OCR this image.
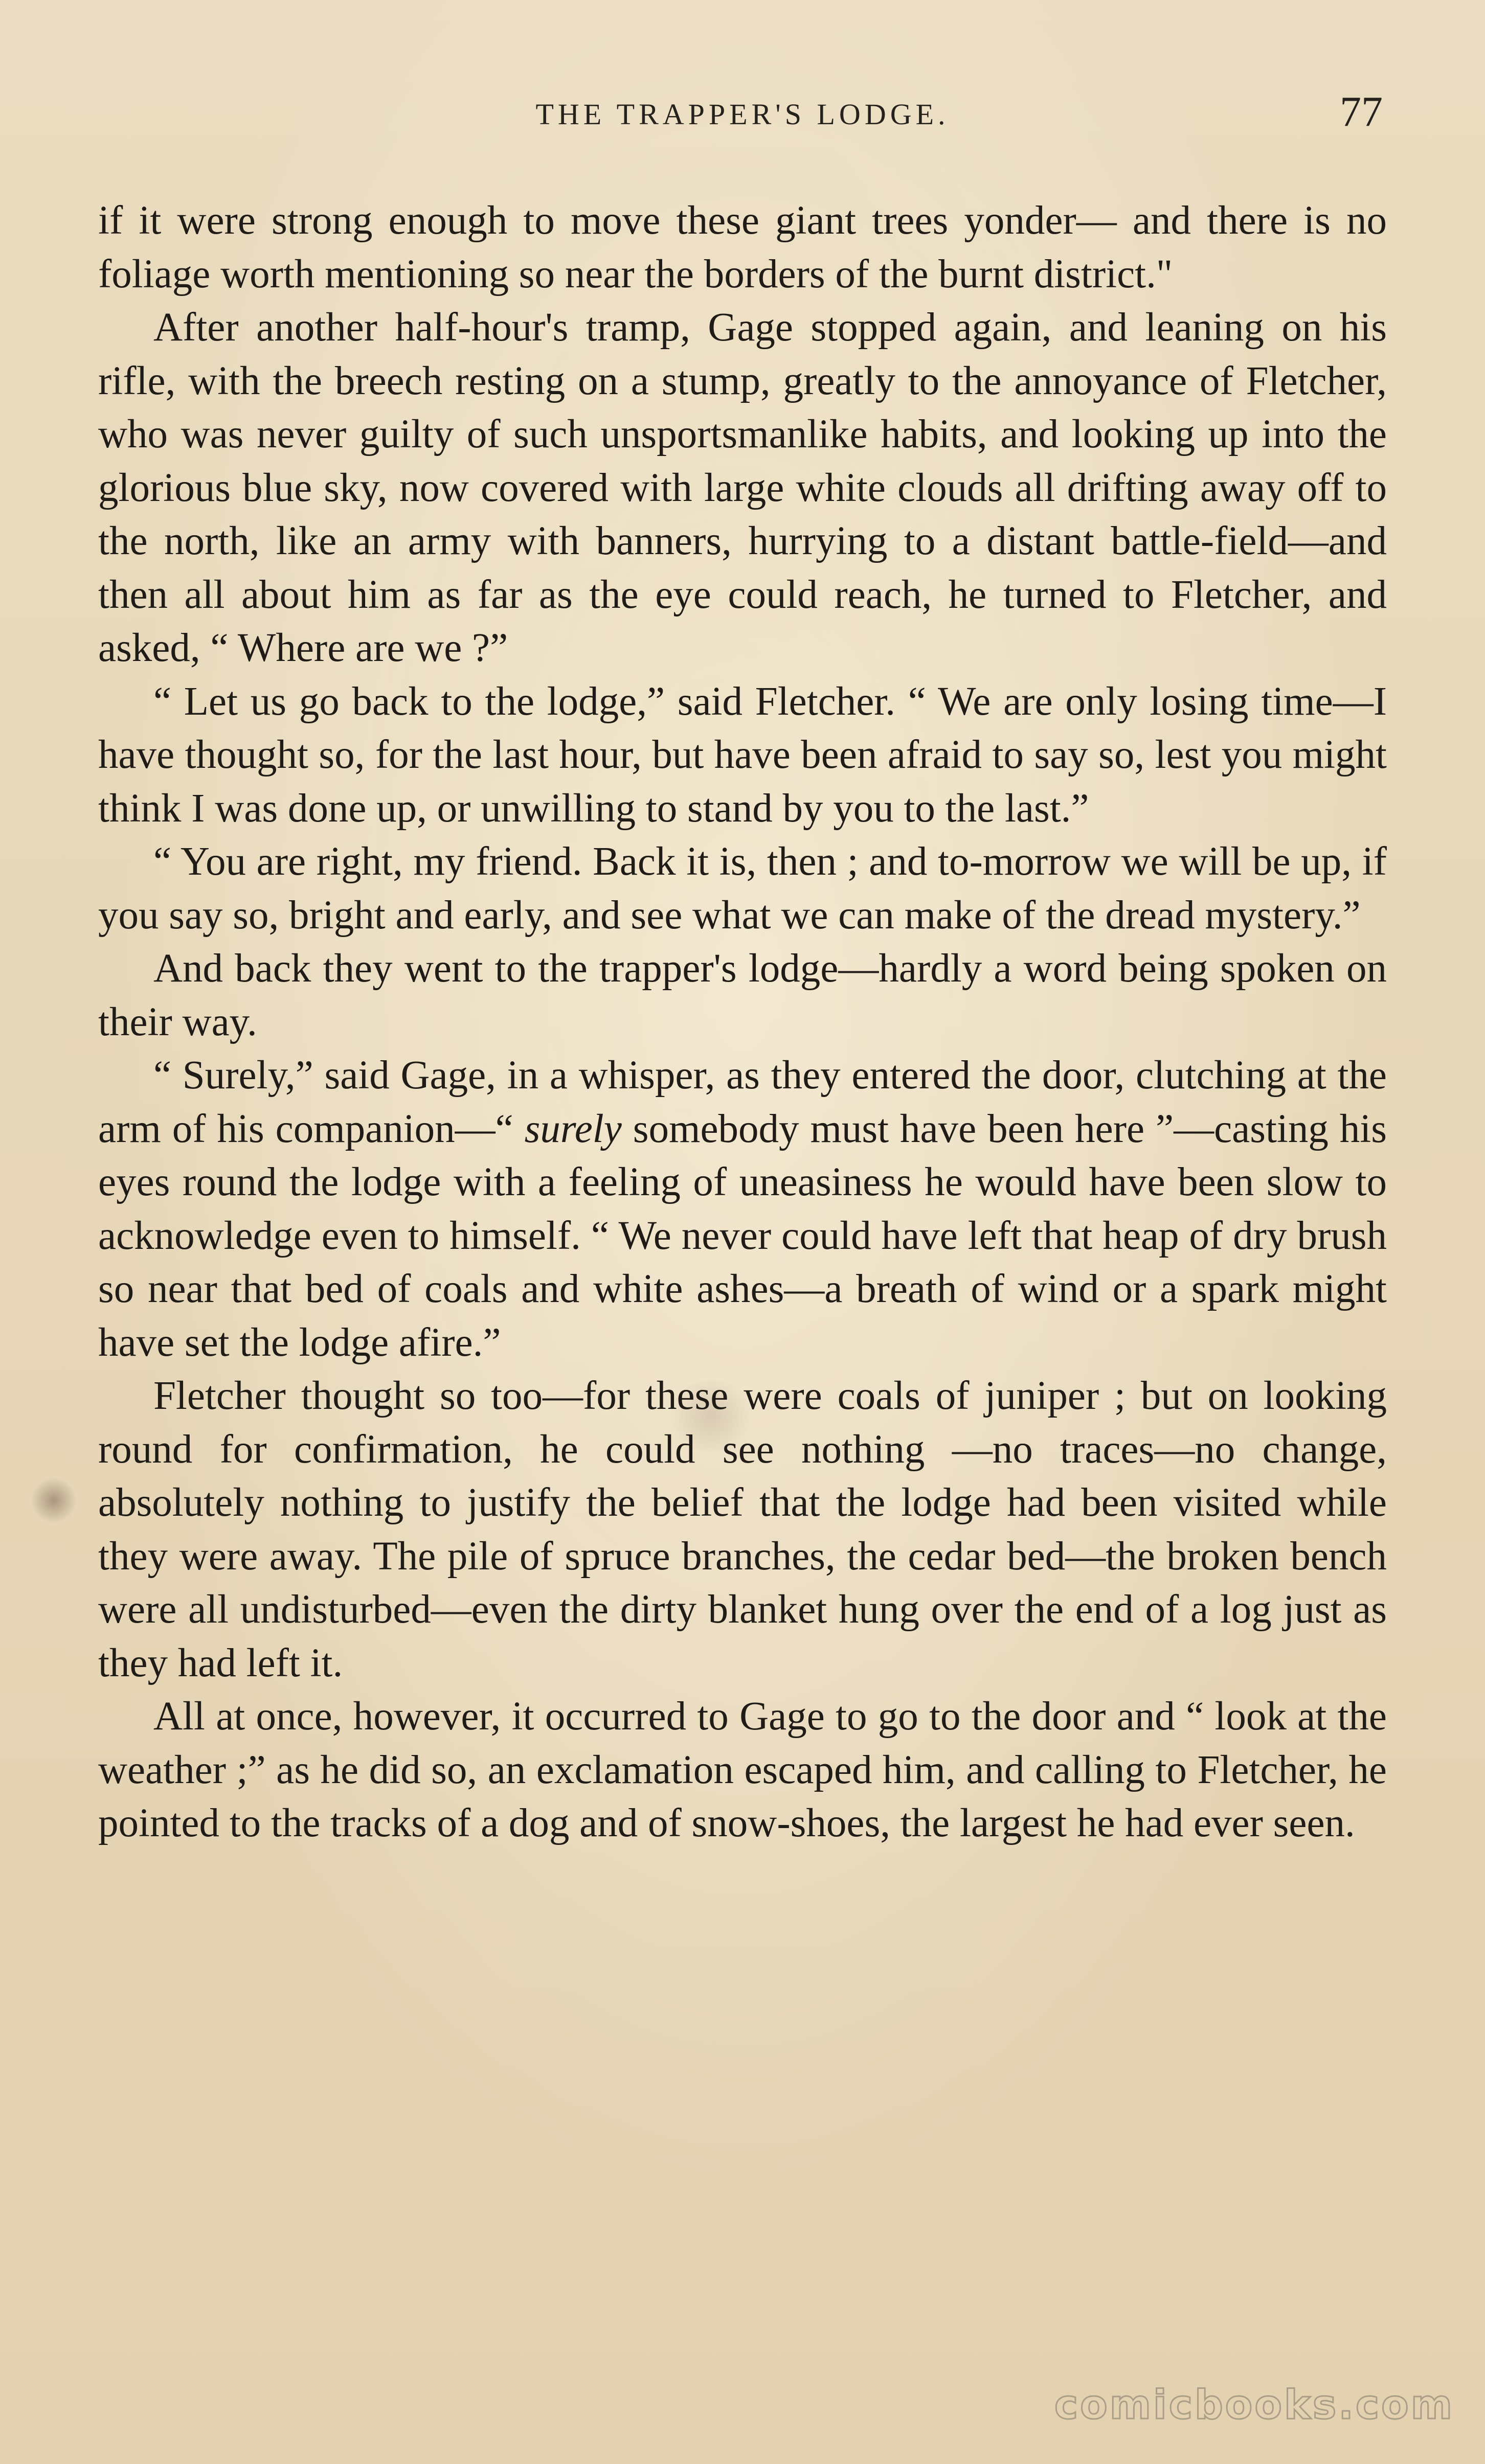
THE TRAPPER'S LODGE.	77

if it were strong enough to move these giant trees yonder— and there is no foliage worth mentioning so near the borders of the burnt district."

After another half-hour's tramp, Gage stopped again, and leaning on his rifle, with the breech resting on a stump, greatly to the annoyance of Fletcher, who was never guilty of such unsportsmanlike habits, and looking up into the glorious blue sky, now covered with large white clouds all drifting away off to the north, like an army with banners, hurrying to a distant battle-field—and then all about him as far as the eye could reach, he turned to Fletcher, and asked, “ Where are we ?”

“ Let us go back to the lodge,” said Fletcher. “ We are only losing time—I have thought so, for the last hour, but have been afraid to say so, lest you might think I was done up, or unwilling to stand by you to the last.”

“ You are right, my friend. Back it is, then ; and to-morrow we will be up, if you say so, bright and early, and see what we can make of the dread mystery.”

And back they went to the trapper's lodge—hardly a word being spoken on their way.

“ Surely,” said Gage, in a whisper, as they entered the door, clutching at the arm of his companion—“ surely somebody must have been here ”—casting his eyes round the lodge with a feeling of uneasiness he would have been slow to acknowledge even to himself. “ We never could have left that heap of dry brush so near that bed of coals and white ashes—a breath of wind or a spark might have set the lodge afire.”

Fletcher thought so too—for these were coals of juniper ; but on looking round for confirmation, he could see nothing —no traces—no change, absolutely nothing to justify the belief that the lodge had been visited while they were away. The pile of spruce branches, the cedar bed—the broken bench were all undisturbed—even the dirty blanket hung over the end of a log just as they had left it.

All at once, however, it occurred to Gage to go to the door and “ look at the weather ;” as he did so, an exclamation escaped him, and calling to Fletcher, he pointed to the tracks of a dog and of snow-shoes, the largest he had ever seen.

comicbooks.com
